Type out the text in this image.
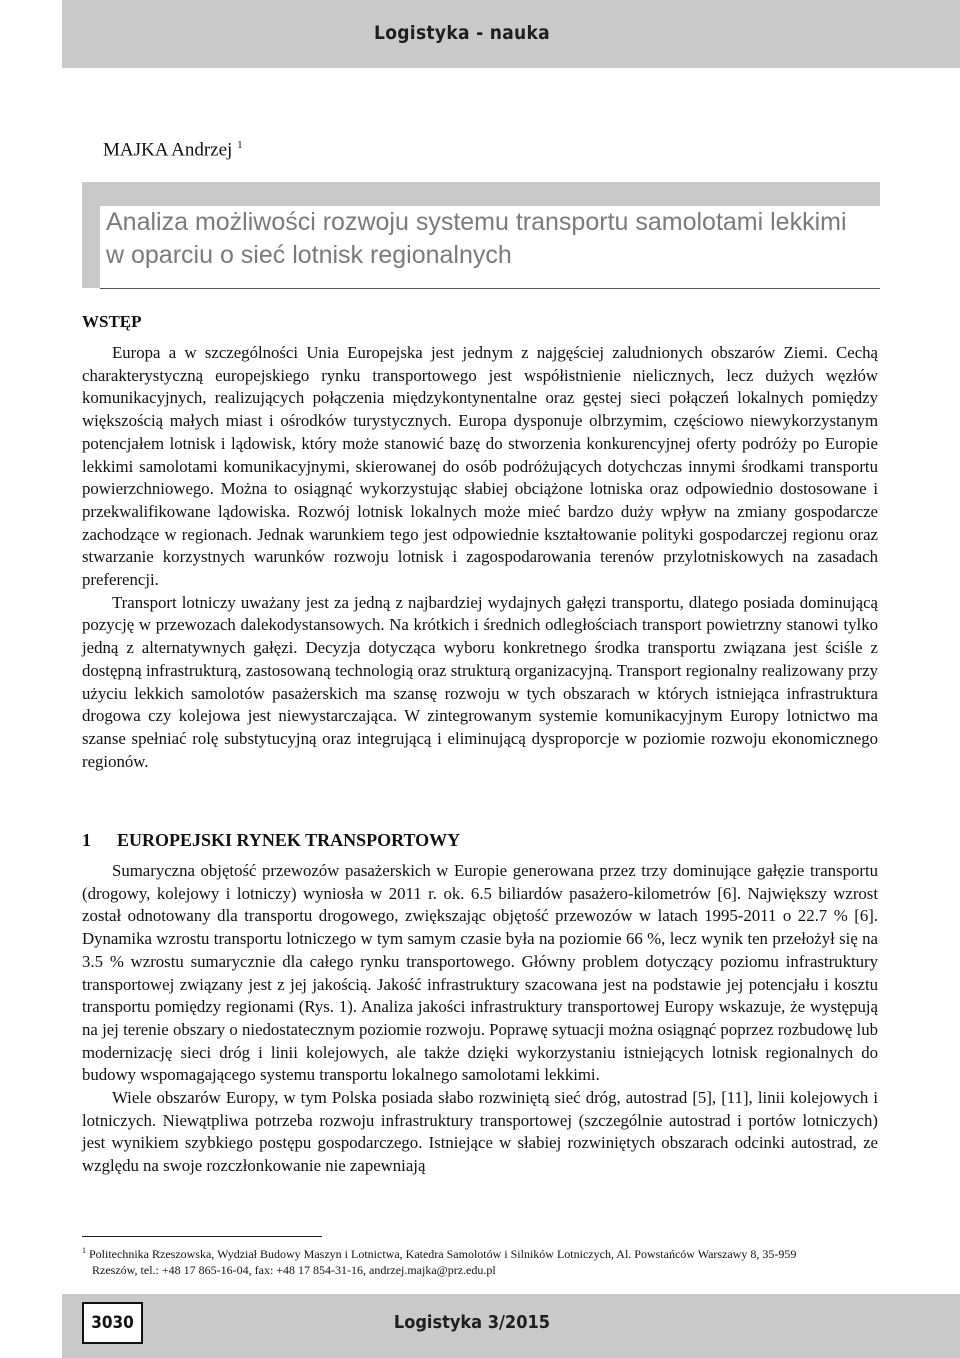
Logistyka - nauka
MAJKA Andrzej $^1$
Analiza możliwości rozwoju systemu transportu samolotami lekkimi
w oparciu o sieć lotnisk regionalnych
WSTĘP

Europa a w szczególności Unia Europejska jest jednym z najgęściej zaludnionych obszarów Ziemi. Cechą charakterystyczną europejskiego rynku transportowego jest współistnienie nielicznych, lecz dużych węzłów komunikacyjnych, realizujących połączenia międzykontynentalne oraz gęstej sieci połączeń lokalnych pomiędzy większością małych miast i ośrodków turystycznych. Europa dysponuje olbrzymim, częściowo niewykorzystanym potencjałem lotnisk i lądowisk, który może stanowić bazę do stworzenia konkurencyjnej oferty podróży po Europie lekkimi samolotami komunikacyjnymi, skierowanej do osób podróżujących dotychczas innymi środkami transportu powierzchniowego. Można to osiągnąć wykorzystując słabiej obciążone lotniska oraz odpowiednio dostosowane i przekwalifikowane lądowiska. Rozwój lotnisk lokalnych może mieć bardzo duży wpływ na zmiany gospodarcze zachodzące w regionach. Jednak warunkiem tego jest odpowiednie kształtowanie polityki gospodarczej regionu oraz stwarzanie korzystnych warunków rozwoju lotnisk i zagospodarowania terenów przylotniskowych na zasadach preferencji.

Transport lotniczy uważany jest za jedną z najbardziej wydajnych gałęzi transportu, dlatego posiada dominującą pozycję w przewozach dalekodystansowych. Na krótkich i średnich odległościach transport powietrzny stanowi tylko jedną z alternatywnych gałęzi. Decyzja dotycząca wyboru konkretnego środka transportu związana jest ściśle z dostępną infrastrukturą, zastosowaną technologią oraz strukturą organizacyjną. Transport regionalny realizowany przy użyciu lekkich samolotów pasażerskich ma szansę rozwoju w tych obszarach w których istniejąca infrastruktura drogowa czy kolejowa jest niewystarczająca. W zintegrowanym systemie komunikacyjnym Europy lotnictwo ma szanse spełniać rolę substytucyjną oraz integrującą i eliminującą dysproporcje w poziomie rozwoju ekonomicznego regionów.

1 EUROPEJSKI RYNEK TRANSPORTOWY

Sumaryczna objętość przewozów pasażerskich w Europie generowana przez trzy dominujące gałęzie transportu (drogowy, kolejowy i lotniczy) wyniosła w 2011 r. ok. 6.5 biliardów pasażero-kilometrów [6]. Największy wzrost został odnotowany dla transportu drogowego, zwiększając objętość przewozów w latach 1995-2011 o 22.7 % [6]. Dynamika wzrostu transportu lotniczego w tym samym czasie była na poziomie 66 %, lecz wynik ten przełożył się na 3.5 % wzrostu sumarycznie dla całego rynku transportowego. Główny problem dotyczący poziomu infrastruktury transportowej związany jest z jej jakością. Jakość infrastruktury szacowana jest na podstawie jej potencjału i kosztu transportu pomiędzy regionami (Rys. 1). Analiza jakości infrastruktury transportowej Europy wskazuje, że występują na jej terenie obszary o niedostatecznym poziomie rozwoju. Poprawę sytuacji można osiągnąć poprzez rozbudowę lub modernizację sieci dróg i linii kolejowych, ale także dzięki wykorzystaniu istniejących lotnisk regionalnych do budowy wspomagającego systemu transportu lokalnego samolotami lekkimi.

Wiele obszarów Europy, w tym Polska posiada słabo rozwiniętą sieć dróg, autostrad [5], [11], linii kolejowych i lotniczych. Niewątpliwa potrzeba rozwoju infrastruktury transportowej (szczególnie autostrad i portów lotniczych) jest wynikiem szybkiego postępu gospodarczego. Istniejące w słabiej rozwiniętych obszarach odcinki autostrad, ze względu na swoje rozczłonkowanie nie zapewniają

$^1$ Politechnika Rzeszowska, Wydział Budowy Maszyn i Lotnictwa, Katedra Samolotów i Silników Lotniczych, Al. Powstańców Warszawy 8, 35-959
Rzeszów, tel.: +48 17 865-16-04, fax: +48 17 854-31-16, andrzej.majka@prz.edu.pl
3030	Logistyka 3/2015
